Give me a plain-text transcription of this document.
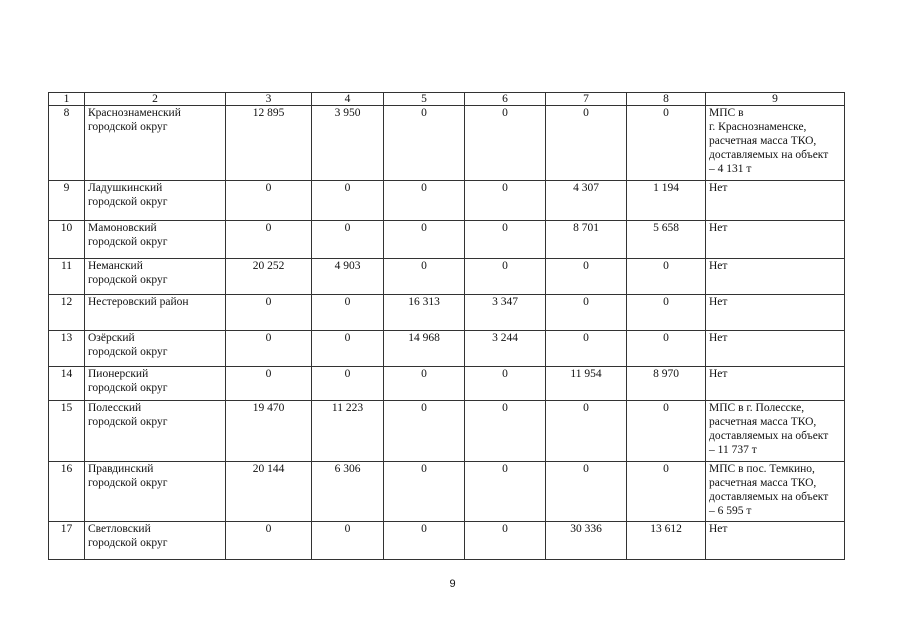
1	2	3	4	5	6	7	8	9
8	Краснознаменский
городской округ	12 895	3 950	0	0	0	0	МПС в
г. Краснознаменске,
расчетная масса ТКО,
доставляемых на объект
– 4 131 т
9	Ладушкинский
городской округ	0	0	0	0	4 307	1 194	Нет
10	Мамоновский
городской округ	0	0	0	0	8 701	5 658	Нет
11	Неманский
городской округ	20 252	4 903	0	0	0	0	Нет
12	Нестеровский район	0	0	16 313	3 347	0	0	Нет
13	Озёрский
городской округ	0	0	14 968	3 244	0	0	Нет
14	Пионерский
городской округ	0	0	0	0	11 954	8 970	Нет
15	Полесский
городской округ	19 470	11 223	0	0	0	0	МПС в г. Полесске,
расчетная масса ТКО,
доставляемых на объект
– 11 737 т
16	Правдинский
городской округ	20 144	6 306	0	0	0	0	МПС в пос. Темкино,
расчетная масса ТКО,
доставляемых на объект
– 6 595 т
17	Светловский
городской округ	0	0	0	0	30 336	13 612	Нет
9
